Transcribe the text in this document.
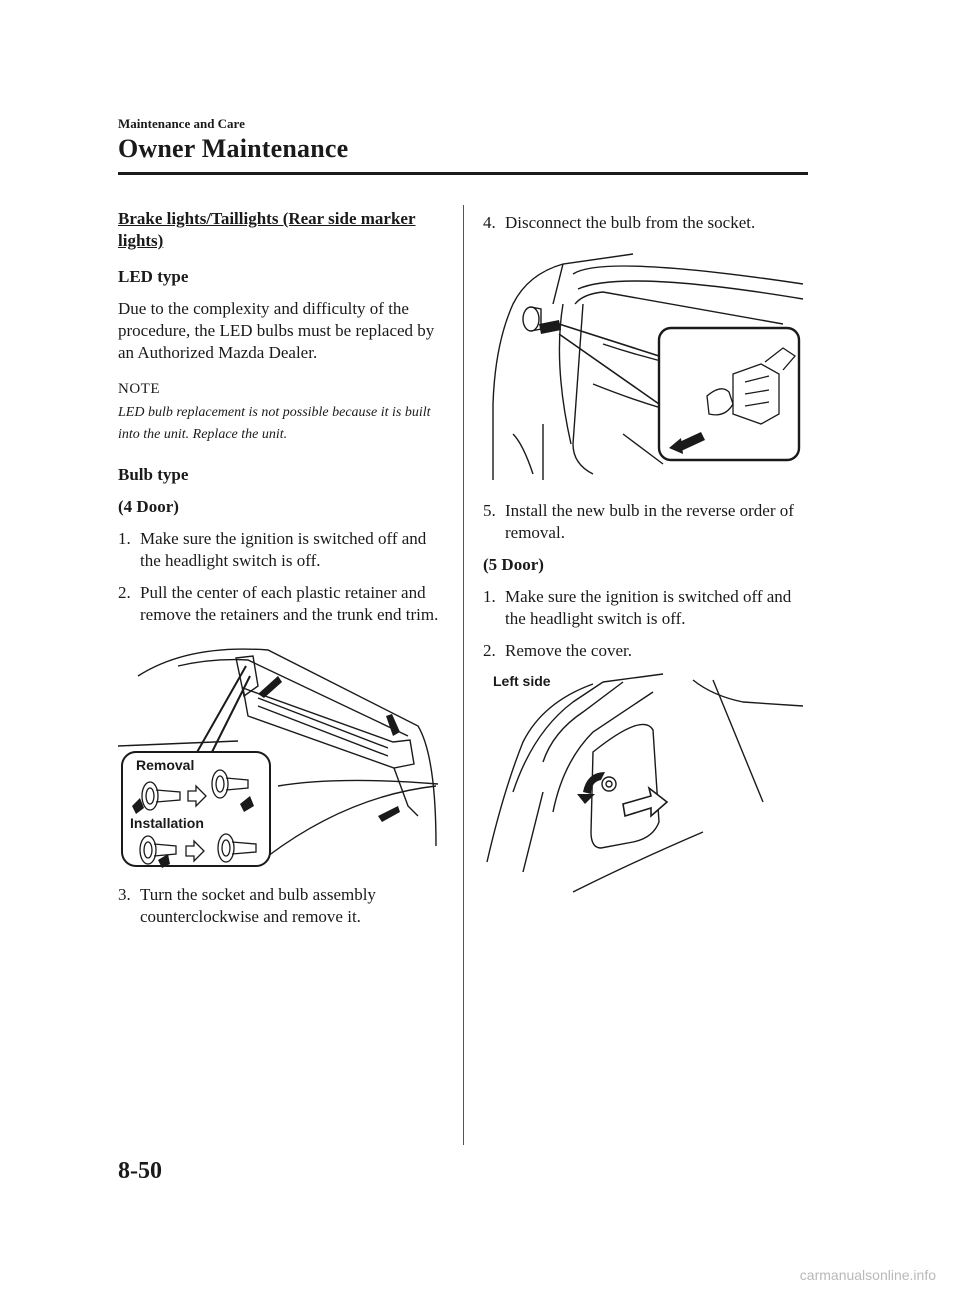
Maintenance and Care
Owner Maintenance
Brake lights/Taillights (Rear side marker lights)
LED type
Due to the complexity and difficulty of the procedure, the LED bulbs must be replaced by an Authorized Mazda Dealer.
NOTE
LED bulb replacement is not possible because it is built into the unit. Replace the unit.
Bulb type
(4 Door)
1. Make sure the ignition is switched off and the headlight switch is off.
2. Pull the center of each plastic retainer and remove the retainers and the trunk end trim.
Removal
Installation
3. Turn the socket and bulb assembly counterclockwise and remove it.
4. Disconnect the bulb from the socket.
5. Install the new bulb in the reverse order of removal.
(5 Door)
1. Make sure the ignition is switched off and the headlight switch is off.
2. Remove the cover.
Left side
8-50
carmanualsonline.info
